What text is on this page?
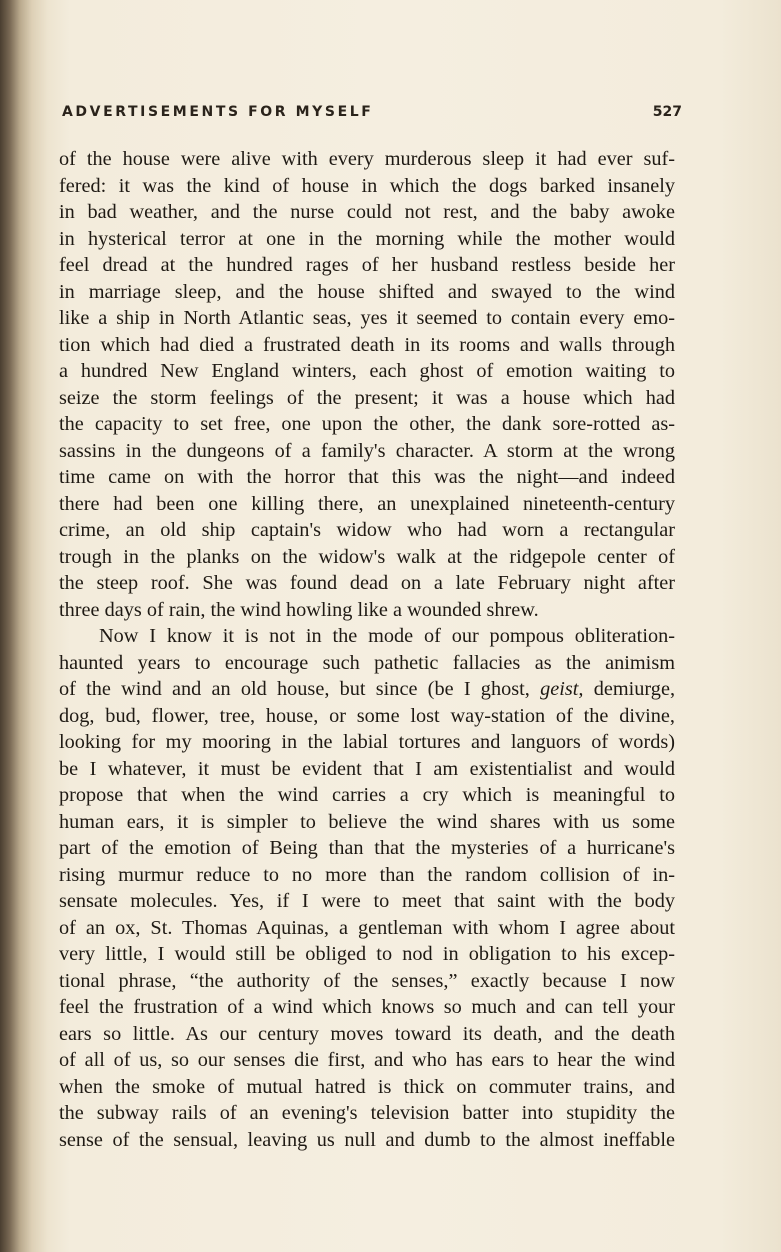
ADVERTISEMENTS FOR MYSELF	527
of the house were alive with every murderous sleep it had ever suf-
fered: it was the kind of house in which the dogs barked insanely
in bad weather, and the nurse could not rest, and the baby awoke
in hysterical terror at one in the morning while the mother would
feel dread at the hundred rages of her husband restless beside her
in marriage sleep, and the house shifted and swayed to the wind
like a ship in North Atlantic seas, yes it seemed to contain every emo-
tion which had died a frustrated death in its rooms and walls through
a hundred New England winters, each ghost of emotion waiting to
seize the storm feelings of the present; it was a house which had
the capacity to set free, one upon the other, the dank sore-rotted as-
sassins in the dungeons of a family's character. A storm at the wrong
time came on with the horror that this was the night—and indeed
there had been one killing there, an unexplained nineteenth-century
crime, an old ship captain's widow who had worn a rectangular
trough in the planks on the widow's walk at the ridgepole center of
the steep roof. She was found dead on a late February night after
three days of rain, the wind howling like a wounded shrew.
Now I know it is not in the mode of our pompous obliteration-
haunted years to encourage such pathetic fallacies as the animism
of the wind and an old house, but since (be I ghost, geist, demiurge,
dog, bud, flower, tree, house, or some lost way-station of the divine,
looking for my mooring in the labial tortures and languors of words)
be I whatever, it must be evident that I am existentialist and would
propose that when the wind carries a cry which is meaningful to
human ears, it is simpler to believe the wind shares with us some
part of the emotion of Being than that the mysteries of a hurricane's
rising murmur reduce to no more than the random collision of in-
sensate molecules. Yes, if I were to meet that saint with the body
of an ox, St. Thomas Aquinas, a gentleman with whom I agree about
very little, I would still be obliged to nod in obligation to his excep-
tional phrase, “the authority of the senses,” exactly because I now
feel the frustration of a wind which knows so much and can tell your
ears so little. As our century moves toward its death, and the death
of all of us, so our senses die first, and who has ears to hear the wind
when the smoke of mutual hatred is thick on commuter trains, and
the subway rails of an evening's television batter into stupidity the
sense of the sensual, leaving us null and dumb to the almost ineffable
